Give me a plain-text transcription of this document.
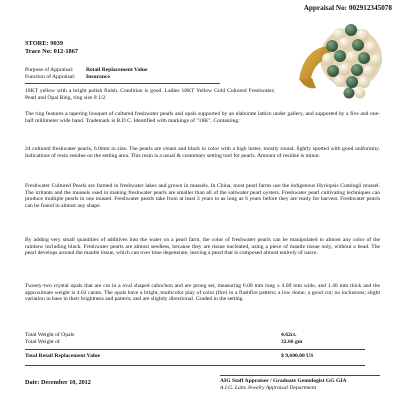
Appraisal No: 002912345078
STORE: 9039
Trace No: 012-1867
Purpose of Appraisal:	Retail Replacement Value
Function of Appraisal:	Insurance
18KT yellow with a bright polish finish. Condition is good. Ladies 18KT Yellow Gold Cultured Freshwater; Pearl and Opal Ring, ring size 8 1/2.
The ring features a tapering bouquet of cultured freshwater pearls and opals supported by an elaborate lattice under gallery, and supported by a five and one-half millimeter wide band. Trademark is B.D.C. Identified with markings of "18K". Containing:
24 cultured freshwater pearls, 6.0mm in size. The pearls are cream and black in color with a high luster, mostly round, lightly spotted with good uniformity. Indications of resin residue on the setting area. This resin is a usual & customary setting tool for pearls. Amount of residue is minor.
Freshwater Cultured Pearls are farmed in freshwater lakes and grown in mussels. In China, most pearl farms use the indigenous Hyriopsis Cumingii mussel. The irritants and the mussels used in making freshwater pearls are smaller than all of the saltwater pearl oysters. Freshwater pearl cultivating techniques can produce multiple pearls in one mussel. Freshwater pearls take from at least 3 years to as long as 6 years before they are ready for harvest. Freshwater pearls can be found in almost any shape.
By adding very small quantities of additives into the water on a pearl farm, the color of freshwater pearls can be manipulated to almost any color of the rainbow including black. Freshwater pearls are almost seedless, because they are tissue nucleated, using a piece of mantle tissue only, without a bead. The pearl develops around the mantle tissue, which can over time degenerate, leaving a pearl that is composed almost entirely of nacre.
Twenty-two crystal opals that are cut in a oval shaped cabochon and are prong set, measuring 6.00 mm long x 4.00 mm wide, and 1.40 mm thick and the approximate weight is 4.62 carats. The opals have a bright, multicolor play of color (fire) in a flashfire pattern; a low dome; a good cut; no inclusions; slight variation in base in their brightness and pattern; and are slightly directional. Graded in the setting.
Total Weight of Opals	4.62ct.
Total Weight of	32.66 gm
Total Retail Replacement Value	$ 9,600.00 US
Date: December 10, 2012	AIG Staff Appraiser / Graduate Gemologist GG GIA
A.I.G. Labs Jewelry Appraisal Department
